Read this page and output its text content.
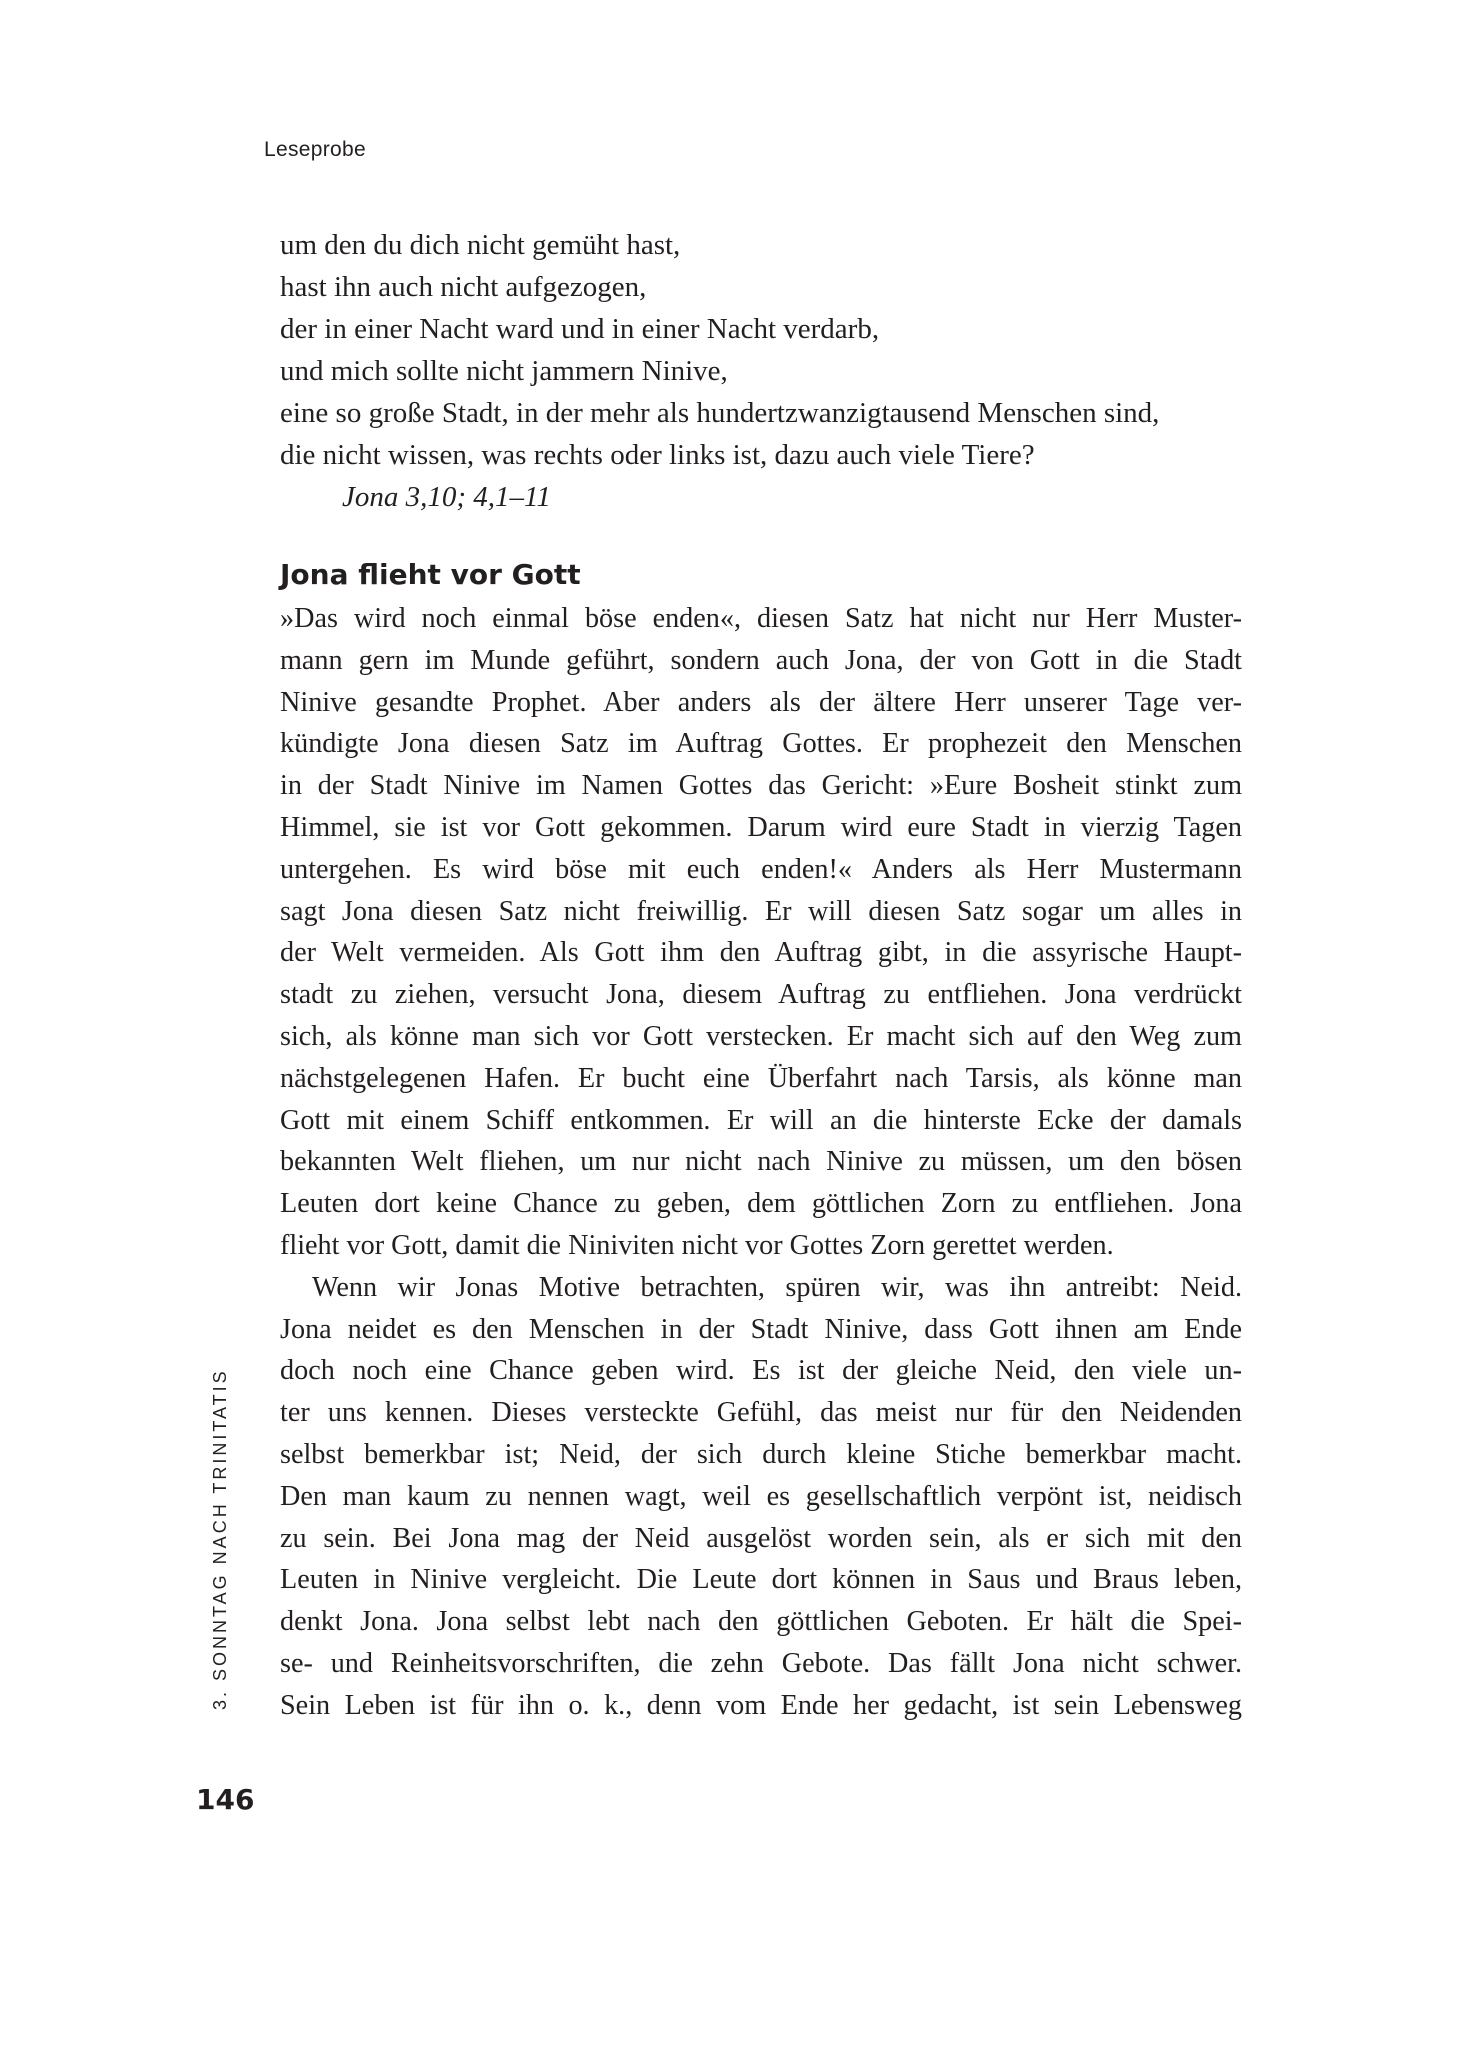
Leseprobe
um den du dich nicht gemüht hast,
hast ihn auch nicht aufgezogen,
der in einer Nacht ward und in einer Nacht verdarb,
und mich sollte nicht jammern Ninive,
eine so große Stadt, in der mehr als hundertzwanzigtausend Menschen sind,
die nicht wissen, was rechts oder links ist, dazu auch viele Tiere?
Jona 3,10; 4,1–11
Jona flieht vor Gott
»Das wird noch einmal böse enden«, diesen Satz hat nicht nur Herr Muster-
mann gern im Munde geführt, sondern auch Jona, der von Gott in die Stadt
Ninive gesandte Prophet. Aber anders als der ältere Herr unserer Tage ver-
kündigte Jona diesen Satz im Auftrag Gottes. Er prophezeit den Menschen
in der Stadt Ninive im Namen Gottes das Gericht: »Eure Bosheit stinkt zum
Himmel, sie ist vor Gott gekommen. Darum wird eure Stadt in vierzig Tagen
untergehen. Es wird böse mit euch enden!« Anders als Herr Mustermann
sagt Jona diesen Satz nicht freiwillig. Er will diesen Satz sogar um alles in
der Welt vermeiden. Als Gott ihm den Auftrag gibt, in die assyrische Haupt-
stadt zu ziehen, versucht Jona, diesem Auftrag zu entfliehen. Jona verdrückt
sich, als könne man sich vor Gott verstecken. Er macht sich auf den Weg zum
nächstgelegenen Hafen. Er bucht eine Überfahrt nach Tarsis, als könne man
Gott mit einem Schiff entkommen. Er will an die hinterste Ecke der damals
bekannten Welt fliehen, um nur nicht nach Ninive zu müssen, um den bösen
Leuten dort keine Chance zu geben, dem göttlichen Zorn zu entfliehen. Jona
flieht vor Gott, damit die Niniviten nicht vor Gottes Zorn gerettet werden.
Wenn wir Jonas Motive betrachten, spüren wir, was ihn antreibt: Neid.
Jona neidet es den Menschen in der Stadt Ninive, dass Gott ihnen am Ende
doch noch eine Chance geben wird. Es ist der gleiche Neid, den viele un-
ter uns kennen. Dieses versteckte Gefühl, das meist nur für den Neidenden
selbst bemerkbar ist; Neid, der sich durch kleine Stiche bemerkbar macht.
Den man kaum zu nennen wagt, weil es gesellschaftlich verpönt ist, neidisch
zu sein. Bei Jona mag der Neid ausgelöst worden sein, als er sich mit den
Leuten in Ninive vergleicht. Die Leute dort können in Saus und Braus leben,
denkt Jona. Jona selbst lebt nach den göttlichen Geboten. Er hält die Spei-
se- und Reinheitsvorschriften, die zehn Gebote. Das fällt Jona nicht schwer.
Sein Leben ist für ihn o. k., denn vom Ende her gedacht, ist sein Lebensweg
3. SONNTAG NACH TRINITATIS
146
